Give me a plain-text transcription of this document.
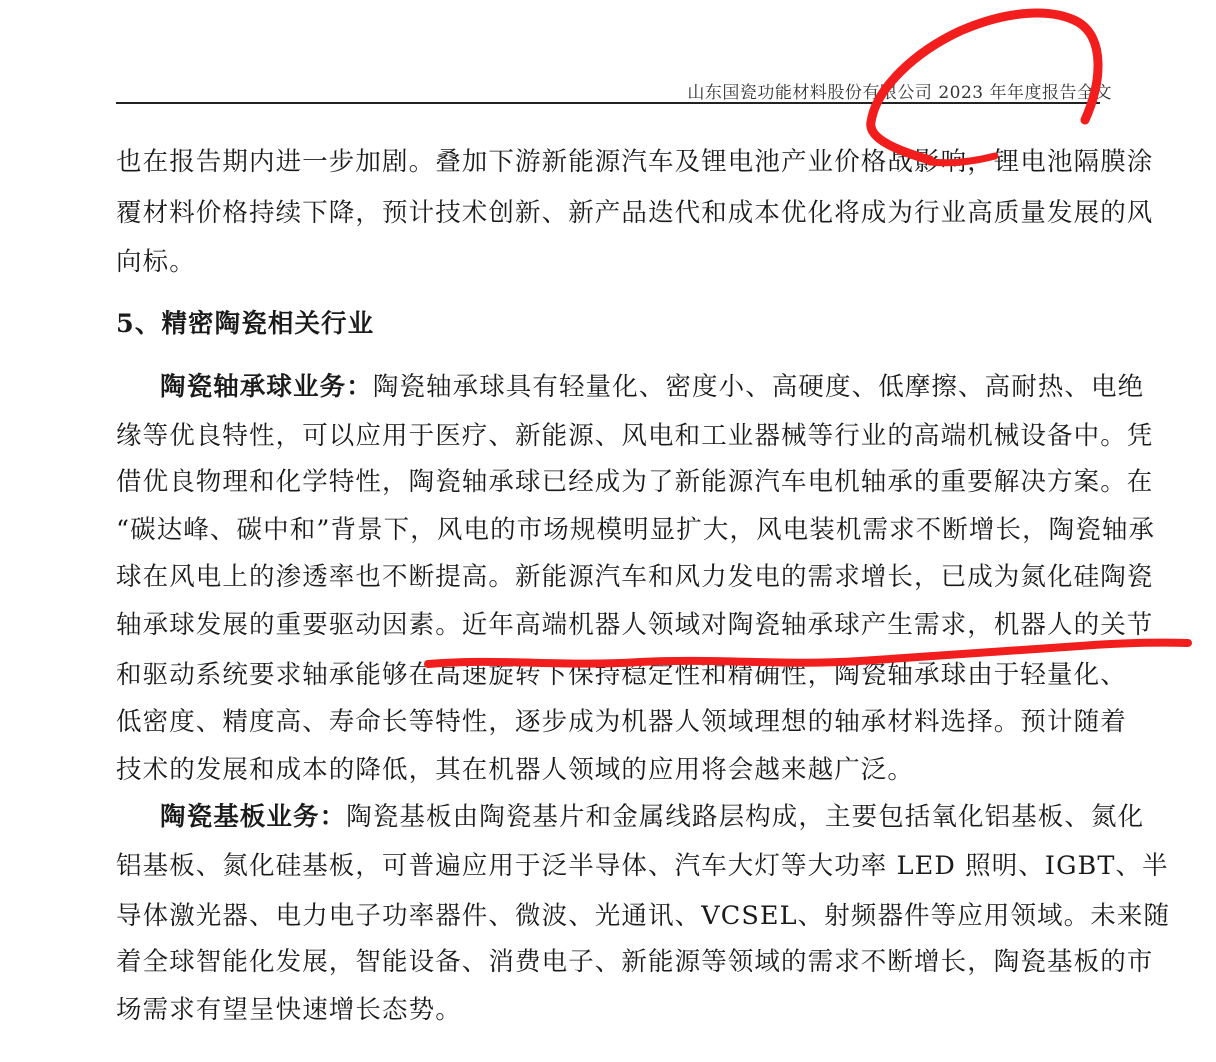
山东国瓷功能材料股份有限公司 2023 年年度报告全文
也在报告期内进一步加剧。叠加下游新能源汽车及锂电池产业价格战影响，锂电池隔膜涂
覆材料价格持续下降，预计技术创新、新产品迭代和成本优化将成为行业高质量发展的风
向标。
5、精密陶瓷相关行业
陶瓷轴承球业务：陶瓷轴承球具有轻量化、密度小、高硬度、低摩擦、高耐热、电绝
缘等优良特性，可以应用于医疗、新能源、风电和工业器械等行业的高端机械设备中。凭
借优良物理和化学特性，陶瓷轴承球已经成为了新能源汽车电机轴承的重要解决方案。在
“碳达峰、碳中和”背景下，风电的市场规模明显扩大，风电装机需求不断增长，陶瓷轴承
球在风电上的渗透率也不断提高。新能源汽车和风力发电的需求增长，已成为氮化硅陶瓷
轴承球发展的重要驱动因素。近年高端机器人领域对陶瓷轴承球产生需求，机器人的关节
和驱动系统要求轴承能够在高速旋转下保持稳定性和精确性，陶瓷轴承球由于轻量化、
低密度、精度高、寿命长等特性，逐步成为机器人领域理想的轴承材料选择。预计随着
技术的发展和成本的降低，其在机器人领域的应用将会越来越广泛。
陶瓷基板业务：陶瓷基板由陶瓷基片和金属线路层构成，主要包括氧化铝基板、氮化
铝基板、氮化硅基板，可普遍应用于泛半导体、汽车大灯等大功率 LED 照明、IGBT、半
导体激光器、电力电子功率器件、微波、光通讯、VCSEL、射频器件等应用领域。未来随
着全球智能化发展，智能设备、消费电子、新能源等领域的需求不断增长，陶瓷基板的市
场需求有望呈快速增长态势。
